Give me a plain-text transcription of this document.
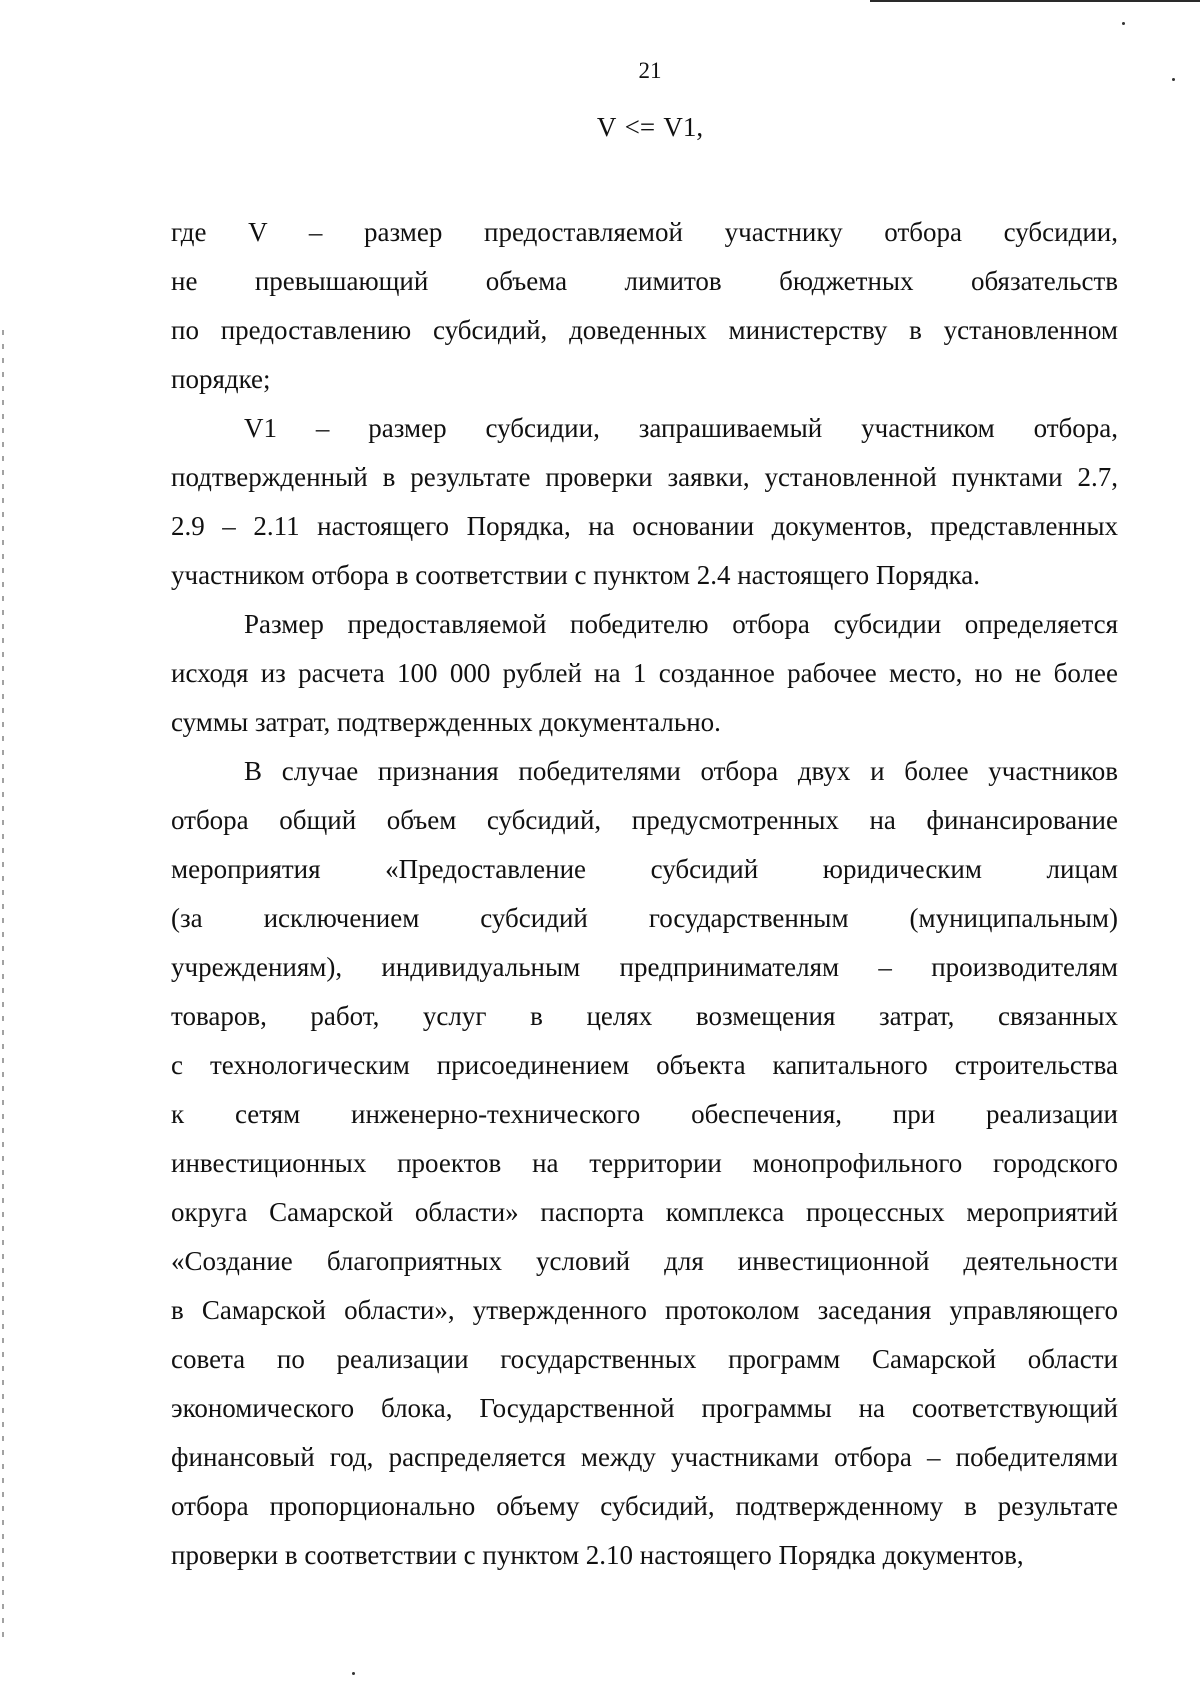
21
V <= V1,
где V – размер предоставляемой участнику отбора субсидии,
не превышающий объема лимитов бюджетных обязательств
по предоставлению субсидий, доведенных министерству в установленном
порядке;
V1 – размер субсидии, запрашиваемый участником отбора,
подтвержденный в результате проверки заявки, установленной пунктами 2.7,
2.9 – 2.11 настоящего Порядка, на основании документов, представленных
участником отбора в соответствии с пунктом 2.4 настоящего Порядка.
Размер предоставляемой победителю отбора субсидии определяется
исходя из расчета 100 000 рублей на 1 созданное рабочее место, но не более
суммы затрат, подтвержденных документально.
В случае признания победителями отбора двух и более участников
отбора общий объем субсидий, предусмотренных на финансирование
мероприятия «Предоставление субсидий юридическим лицам
(за исключением субсидий государственным (муниципальным)
учреждениям), индивидуальным предпринимателям – производителям
товаров, работ, услуг в целях возмещения затрат, связанных
с технологическим присоединением объекта капитального строительства
к сетям инженерно-технического обеспечения, при реализации
инвестиционных проектов на территории монопрофильного городского
округа Самарской области» паспорта комплекса процессных мероприятий
«Создание благоприятных условий для инвестиционной деятельности
в Самарской области», утвержденного протоколом заседания управляющего
совета по реализации государственных программ Самарской области
экономического блока, Государственной программы на соответствующий
финансовый год, распределяется между участниками отбора – победителями
отбора пропорционально объему субсидий, подтвержденному в результате
проверки в соответствии с пунктом 2.10 настоящего Порядка документов,
